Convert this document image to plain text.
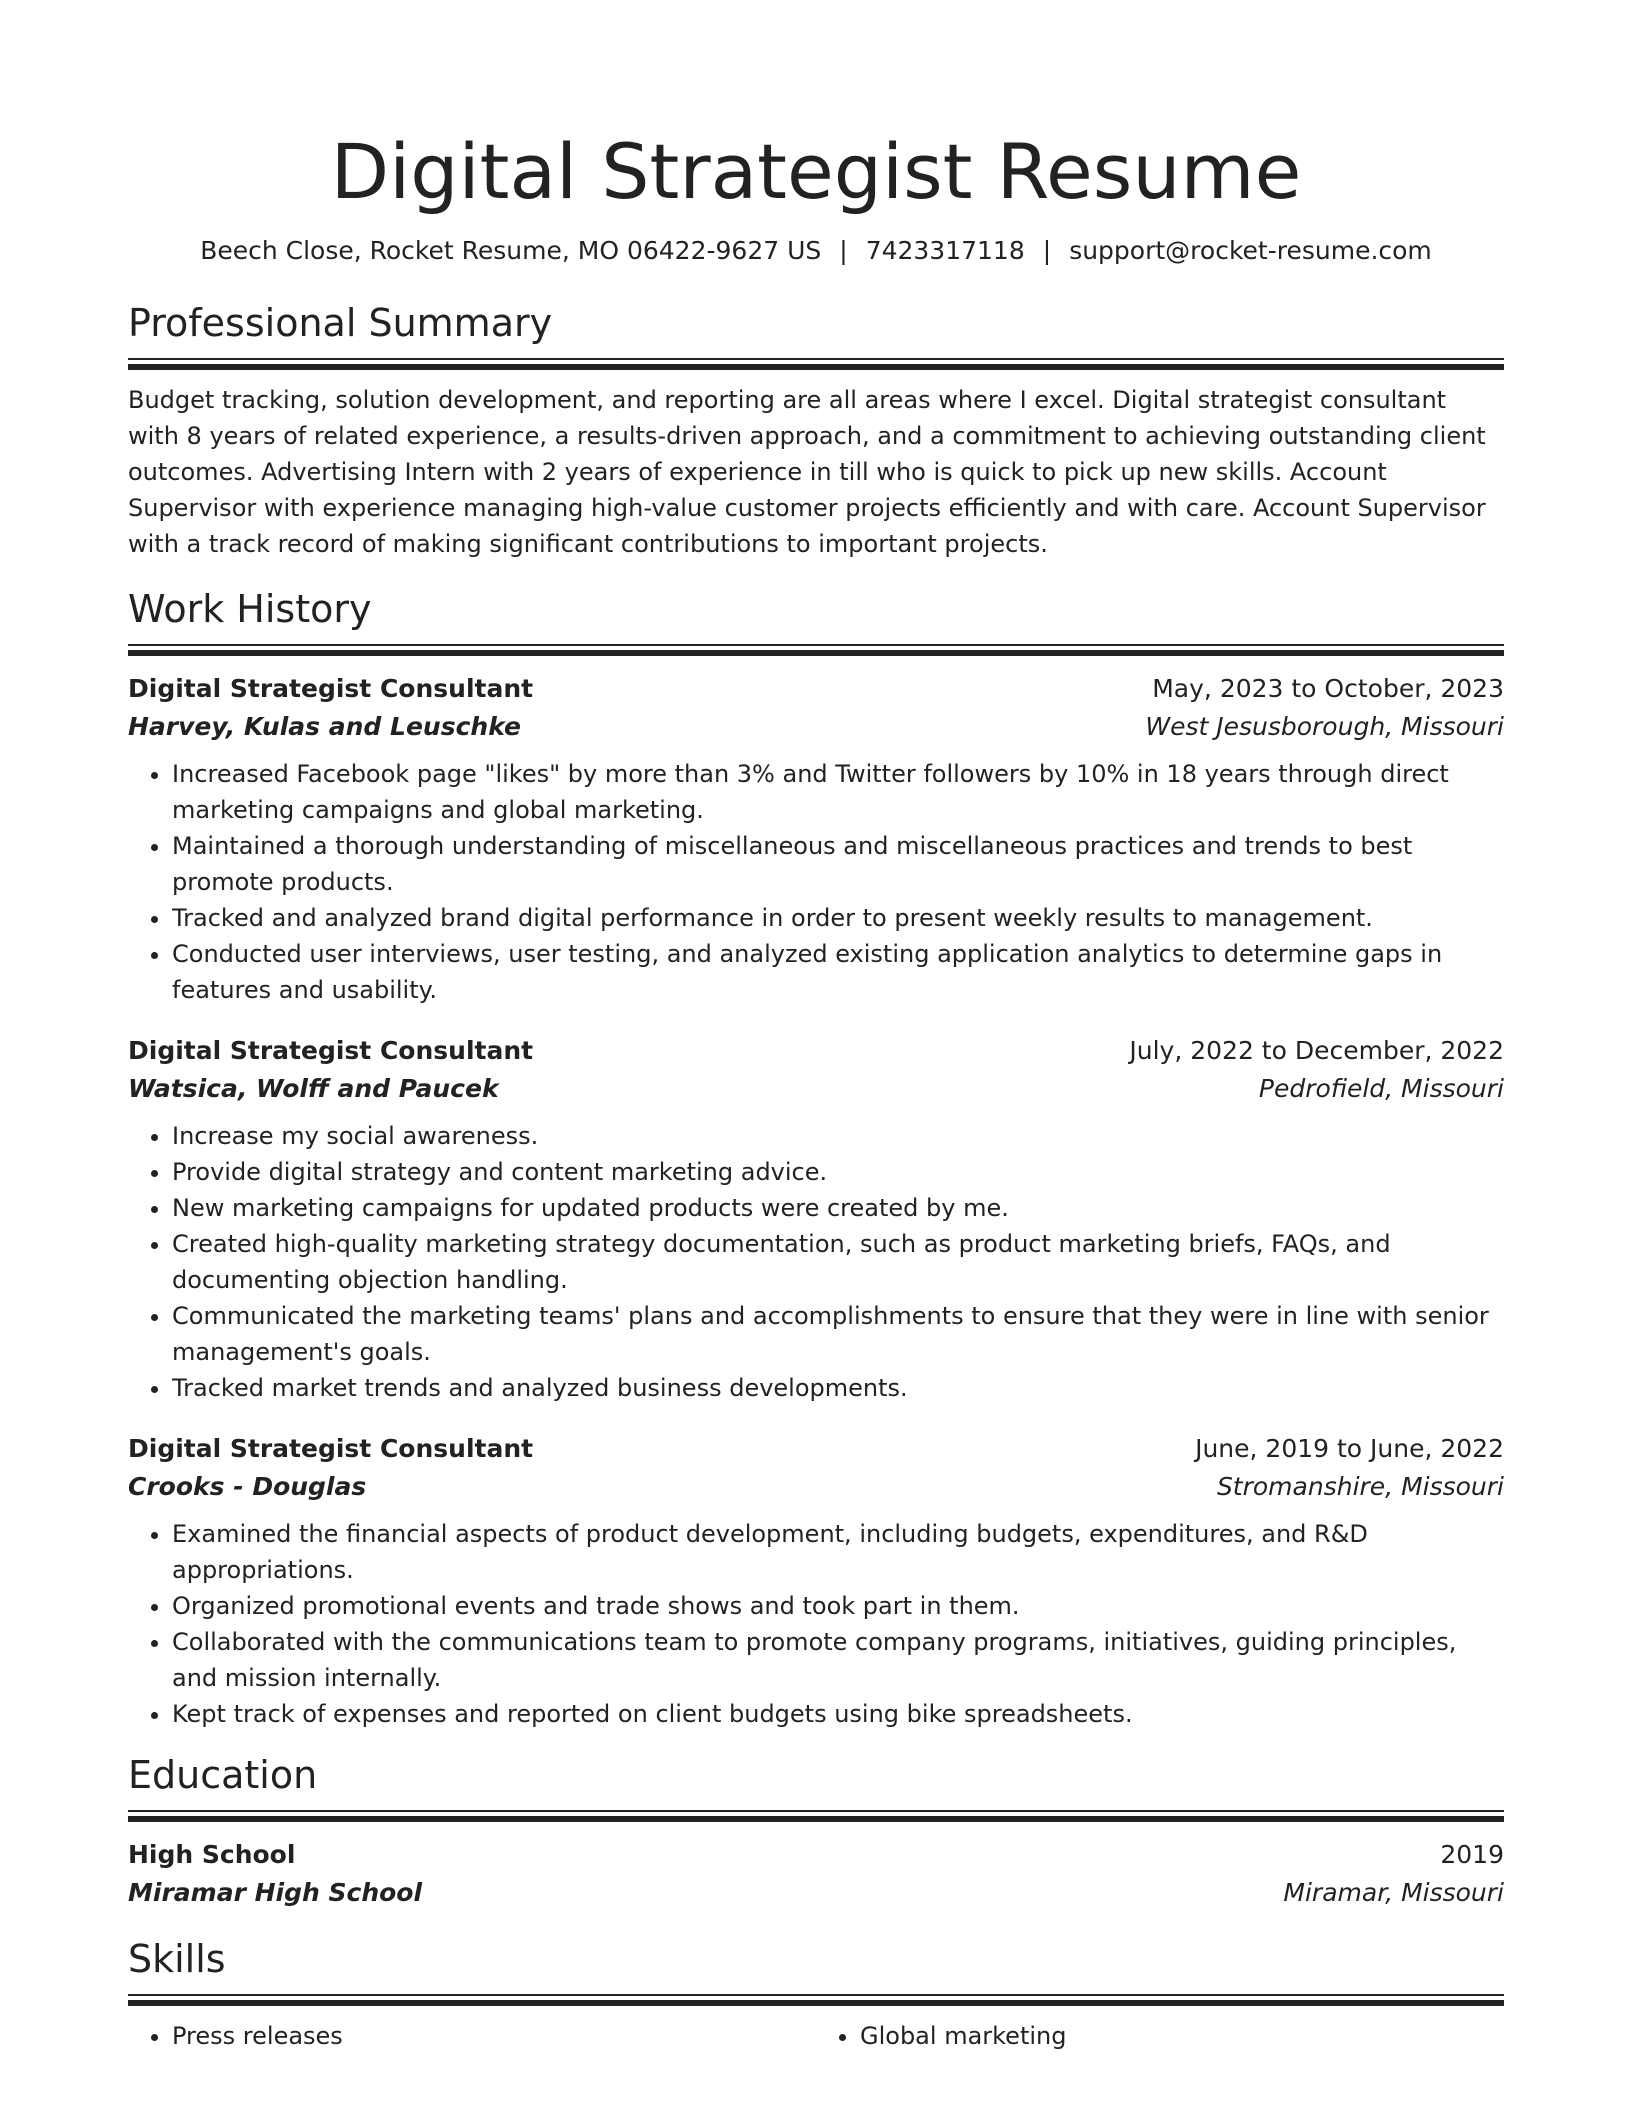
Digital Strategist Resume
Beech Close, Rocket Resume, MO 06422-9627 US | 7423317118 | support@rocket-resume.com
Professional Summary
Budget tracking, solution development, and reporting are all areas where I excel. Digital strategist consultant with 8 years of related experience, a results-driven approach, and a commitment to achieving outstanding client outcomes. Advertising Intern with 2 years of experience in till who is quick to pick up new skills. Account Supervisor with experience managing high-value customer projects efficiently and with care. Account Supervisor with a track record of making significant contributions to important projects.
Work History
Digital Strategist Consultant	May, 2023 to October, 2023
Harvey, Kulas and Leuschke	West Jesusborough, Missouri
• Increased Facebook page "likes" by more than 3% and Twitter followers by 10% in 18 years through direct marketing campaigns and global marketing.
• Maintained a thorough understanding of miscellaneous and miscellaneous practices and trends to best promote products.
• Tracked and analyzed brand digital performance in order to present weekly results to management.
• Conducted user interviews, user testing, and analyzed existing application analytics to determine gaps in features and usability.
Digital Strategist Consultant	July, 2022 to December, 2022
Watsica, Wolff and Paucek	Pedrofield, Missouri
• Increase my social awareness.
• Provide digital strategy and content marketing advice.
• New marketing campaigns for updated products were created by me.
• Created high-quality marketing strategy documentation, such as product marketing briefs, FAQs, and documenting objection handling.
• Communicated the marketing teams' plans and accomplishments to ensure that they were in line with senior management's goals.
• Tracked market trends and analyzed business developments.
Digital Strategist Consultant	June, 2019 to June, 2022
Crooks - Douglas	Stromanshire, Missouri
• Examined the financial aspects of product development, including budgets, expenditures, and R&D appropriations.
• Organized promotional events and trade shows and took part in them.
• Collaborated with the communications team to promote company programs, initiatives, guiding principles, and mission internally.
• Kept track of expenses and reported on client budgets using bike spreadsheets.
Education
High School	2019
Miramar High School	Miramar, Missouri
Skills
• Press releases
•	Global marketing
